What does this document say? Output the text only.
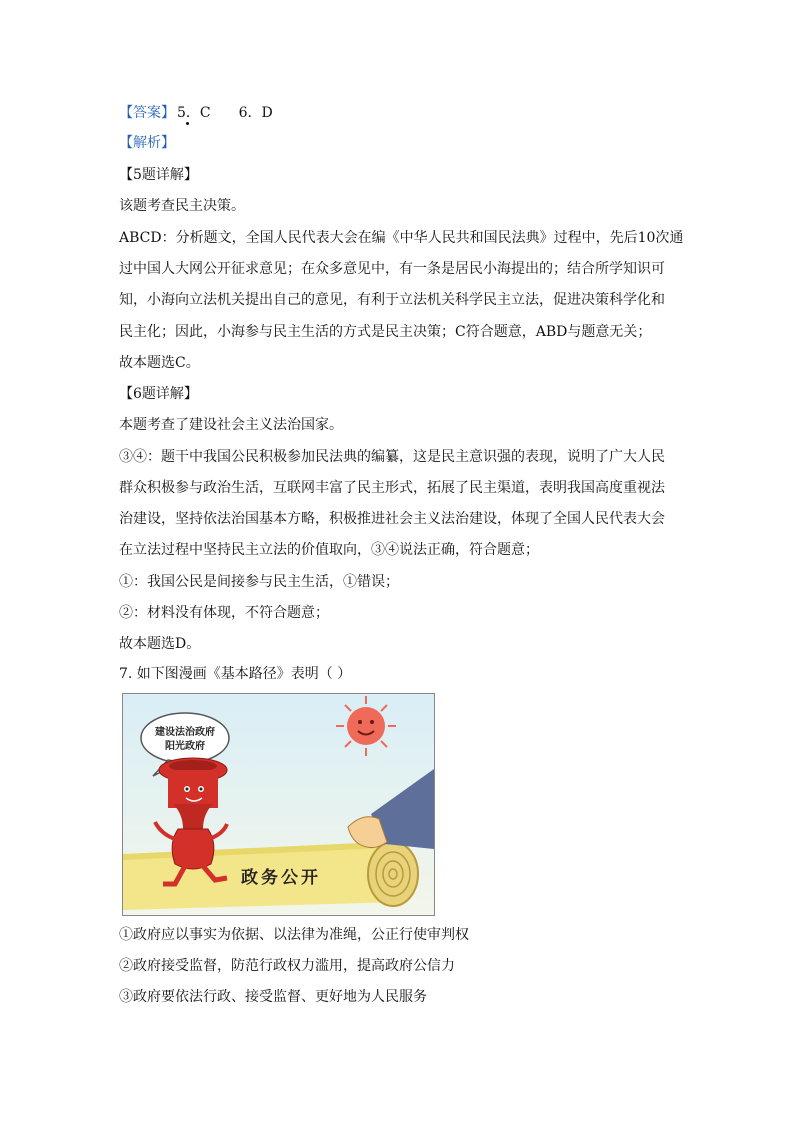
【答案】 5．C 6．D
【解析】
【5题详解】
该题考查民主决策。
ABCD：分析题文，全国人民代表大会在编《中华人民共和国民法典》过程中，先后10次通
过中国人大网公开征求意见；在众多意见中，有一条是居民小海提出的；结合所学知识可
知，小海向立法机关提出自己的意见，有利于立法机关科学民主立法，促进决策科学化和
民主化；因此，小海参与民主生活的方式是民主决策；C符合题意，ABD与题意无关；
故本题选C。
【6题详解】
本题考查了建设社会主义法治国家。
③④：题干中我国公民积极参加民法典的编纂，这是民主意识强的表现，说明了广大人民
群众积极参与政治生活，互联网丰富了民主形式，拓展了民主渠道，表明我国高度重视法
治建设，坚持依法治国基本方略，积极推进社会主义法治建设，体现了全国人民代表大会
在立法过程中坚持民主立法的价值取向，③④说法正确，符合题意；
①：我国公民是间接参与民主生活，①错误；
②：材料没有体现，不符合题意；
故本题选D。
7. 如下图漫画《基本路径》表明（ ）
建设法治政府
阳光政府
政务公开
①政府应以事实为依据、以法律为准绳，公正行使审判权
②政府接受监督，防范行政权力滥用，提高政府公信力
③政府要依法行政、接受监督、更好地为人民服务
